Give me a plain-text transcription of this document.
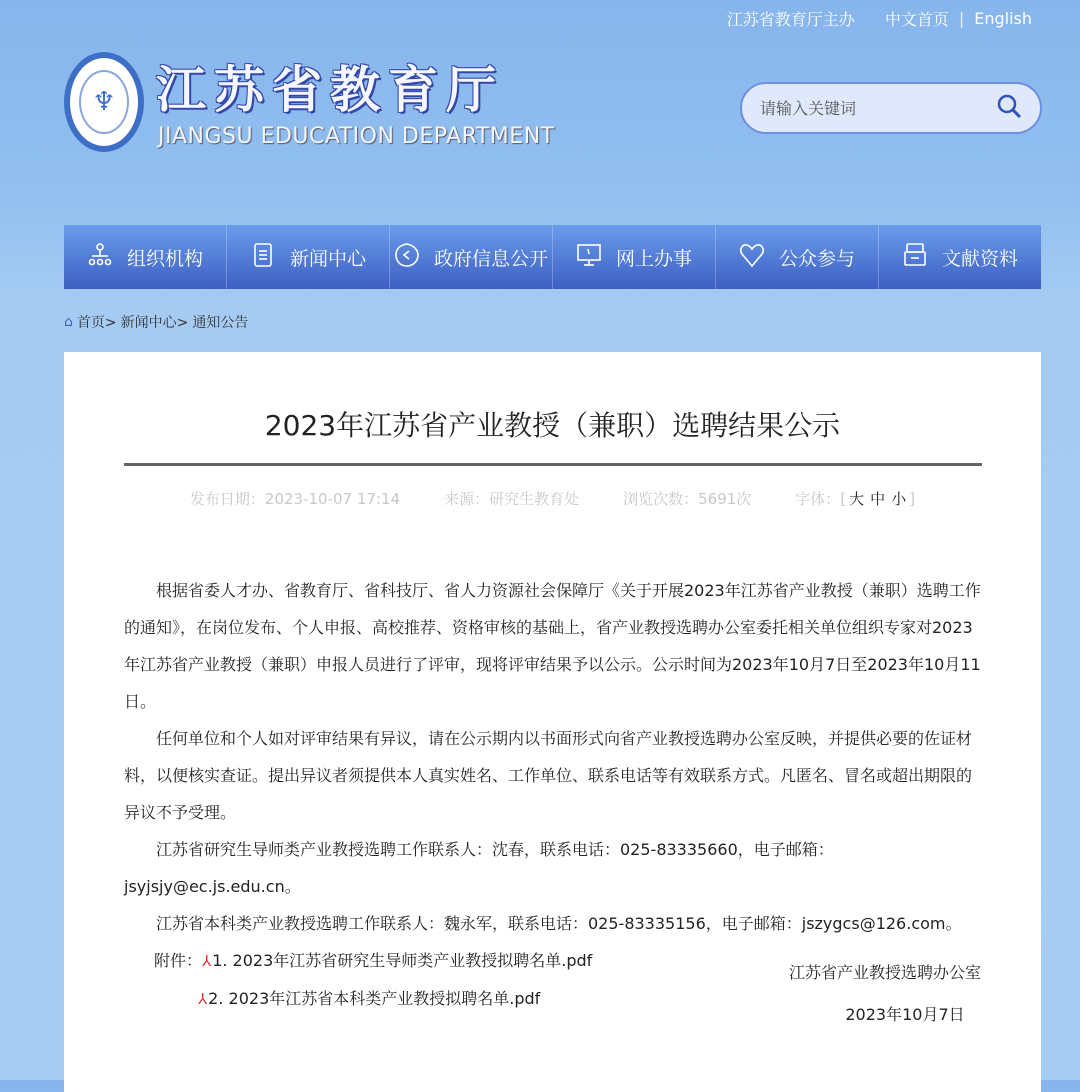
江苏省教育厅主办 中文首页 | English
♆ 江苏省教育厅
JIANGSU EDUCATION DEPARTMENT
请输入关键词
组织机构	新闻中心	政府信息公开	网上办事	公众参与	文献资料
⌂ 首页> 新闻中心> 通知公告
2023年江苏省产业教授（兼职）选聘结果公示
发布日期：2023-10-07 17:14	来源：研究生教育处	浏览次数：5691次	字体：[ 大 中 小 ]

根据省委人才办、省教育厅、省科技厅、省人力资源社会保障厅《关于开展2023年江苏省产业教授（兼职）选聘工作的通知》，在岗位发布、个人申报、高校推荐、资格审核的基础上，省产业教授选聘办公室委托相关单位组织专家对2023年江苏省产业教授（兼职）申报人员进行了评审，现将评审结果予以公示。公示时间为2023年10月7日至2023年10月11日。

任何单位和个人如对评审结果有异议，请在公示期内以书面形式向省产业教授选聘办公室反映，并提供必要的佐证材料，以便核实查证。提出异议者须提供本人真实姓名、工作单位、联系电话等有效联系方式。凡匿名、冒名或超出期限的异议不予受理。

江苏省研究生导师类产业教授选聘工作联系人：沈春，联系电话：025-83335660，电子邮箱：jsyjsjy@ec.js.edu.cn。

江苏省本科类产业教授选聘工作联系人：魏永军，联系电话：025-83335156，电子邮箱：jszygcs@126.com。

附件：⅄1. 2023年江苏省研究生导师类产业教授拟聘名单.pdf
⅄2. 2023年江苏省本科类产业教授拟聘名单.pdf
江苏省产业教授选聘办公室
2023年10月7日
